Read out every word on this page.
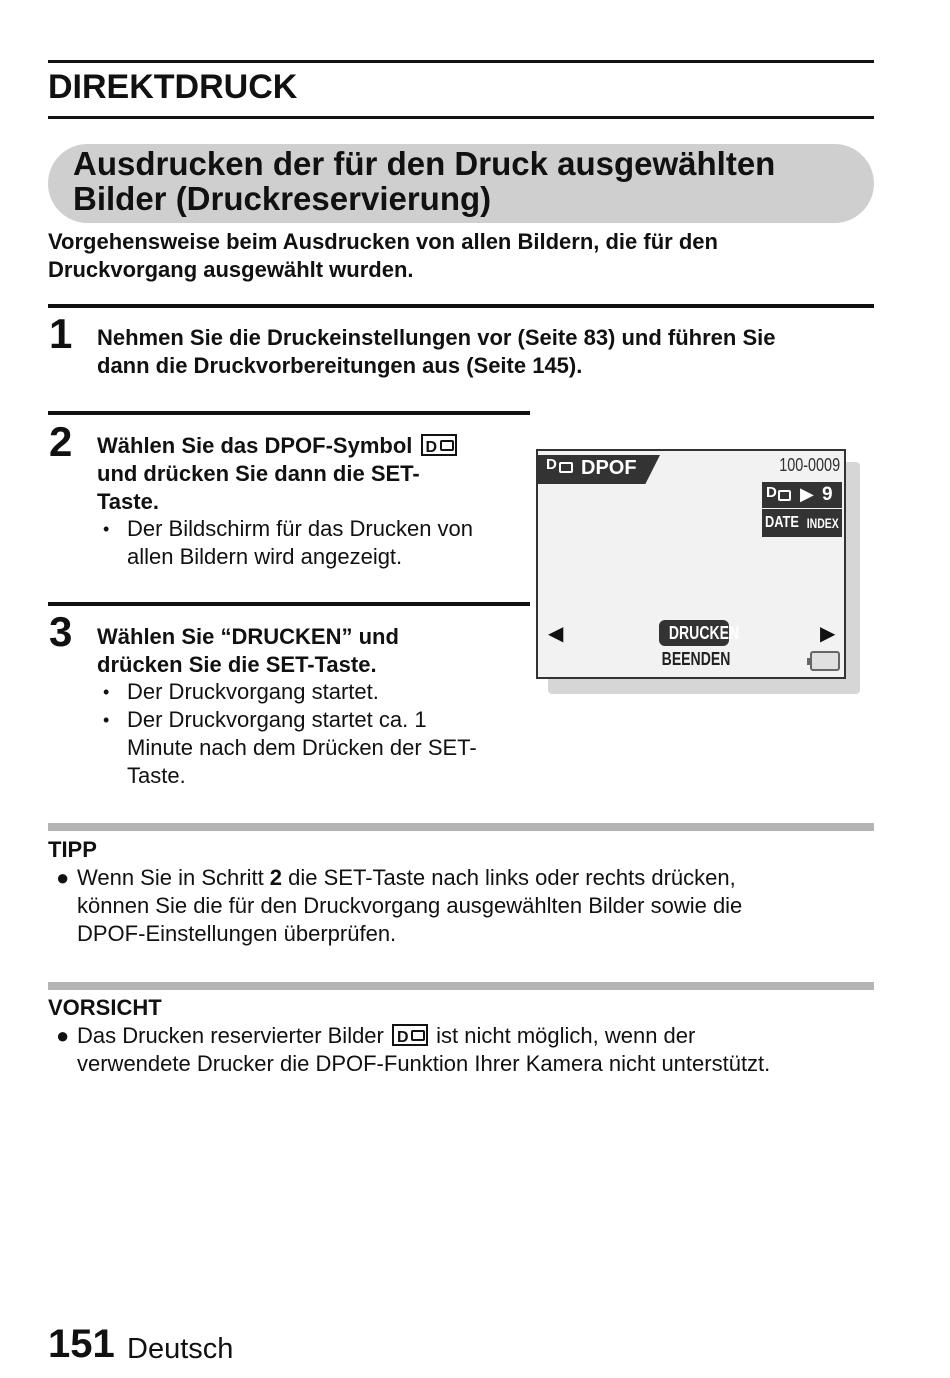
DIREKTDRUCK
Ausdrucken der für den Druck ausgewählten
Bilder (Druckreservierung)
Vorgehensweise beim Ausdrucken von allen Bildern, die für den
Druckvorgang ausgewählt wurden.
1 Nehmen Sie die Druckeinstellungen vor (Seite 83) und führen Sie
dann die Druckvorbereitungen aus (Seite 145).
2 Wählen Sie das DPOF-Symbol D
und drücken Sie dann die SET-
Taste.
• Der Bildschirm für das Drucken von
allen Bildern wird angezeigt.
3 Wählen Sie “DRUCKEN” und
drücken Sie die SET-Taste.
• Der Druckvorgang startet.
• Der Druckvorgang startet ca. 1
Minute nach dem Drücken der SET-
Taste.
D DPOF	100-0009
D ▶ 9
DATE INDEX
◀	▶
DRUCKEN
BEENDEN
TIPP
● Wenn Sie in Schritt 2 die SET-Taste nach links oder rechts drücken,
können Sie die für den Druckvorgang ausgewählten Bilder sowie die
DPOF-Einstellungen überprüfen.
VORSICHT
● Das Drucken reservierter Bilder D ist nicht möglich, wenn der
verwendete Drucker die DPOF-Funktion Ihrer Kamera nicht unterstützt.
151 Deutsch
